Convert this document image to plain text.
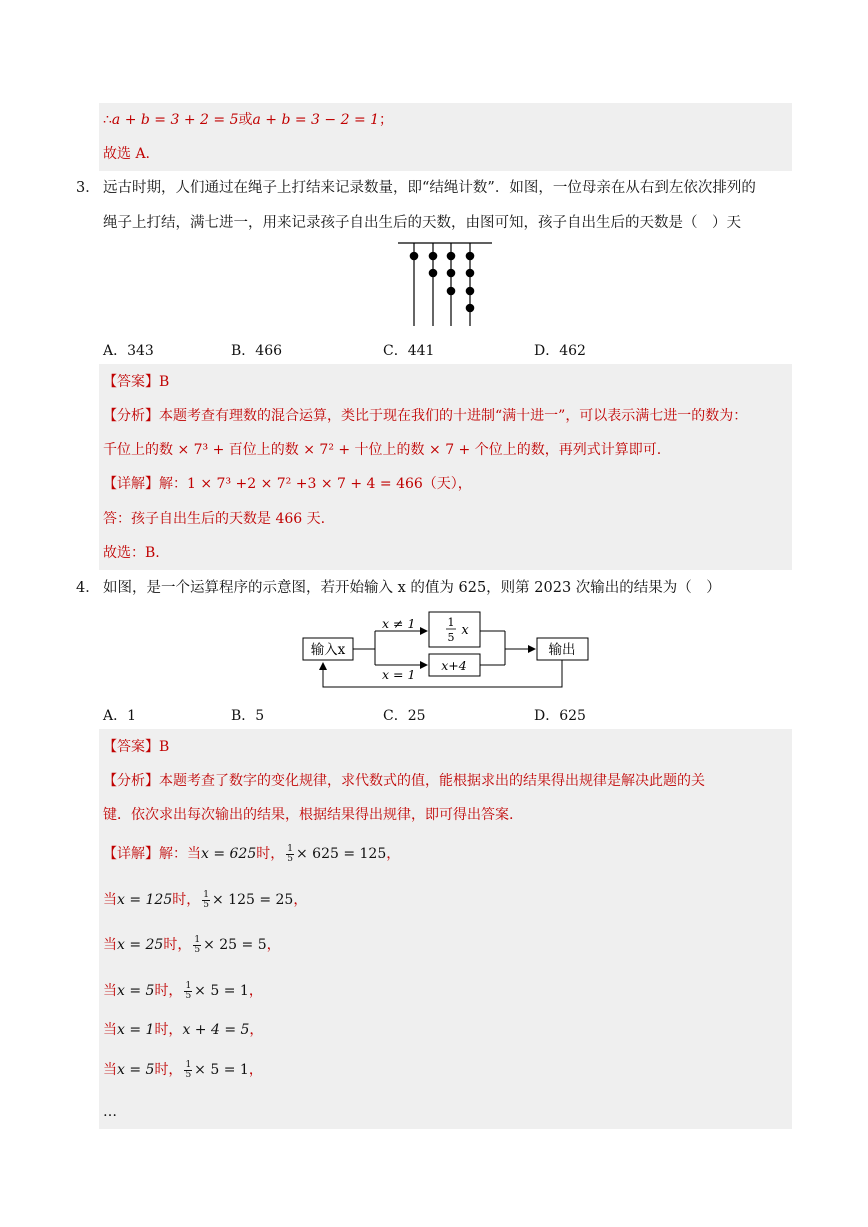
∴a + b = 3 + 2 = 5或a + b = 3 − 2 = 1；
故选 A.
3． 远古时期，人们通过在绳子上打结来记录数量，即“结绳计数”．如图，一位母亲在从右到左依次排列的
绳子上打结，满七进一，用来记录孩子自出生后的天数，由图可知，孩子自出生后的天数是（　）天
A．343	B．466	C．441	D．462
【答案】B
【分析】本题考查有理数的混合运算，类比于现在我们的十进制“满十进一”，可以表示满七进一的数为：
千位上的数 × 7³ + 百位上的数 × 7² + 十位上的数 × 7 + 个位上的数，再列式计算即可.
【详解】解：1 × 7³ +2 × 7² +3 × 7 + 4 = 466（天），
答：孩子自出生后的天数是 466 天.
故选：B.
4． 如图，是一个运算程序的示意图，若开始输入 x 的值为 625，则第 2023 次输出的结果为（　）
输入x
x ≠ 1
x = 1
1
5 x
x+4
输出
A．1	B．5	C．25	D．625
【答案】B
【分析】本题考查了数字的变化规律，求代数式的值，能根据求出的结果得出规律是解决此题的关
键．依次求出每次输出的结果，根据结果得出规律，即可得出答案.
【详解】解：当x = 625时， $\frac{1}{5} \times 625 = 125$，
当x = 125时， $\frac{1}{5} \times 125 = 25$，
当x = 25时， $\frac{1}{5} \times 25 = 5$，
当x = 5时， $\frac{1}{5} \times 5 = 1$，
当x = 1时，x + 4 = 5，
当x = 5时， $\frac{1}{5} \times 5 = 1$，
…
